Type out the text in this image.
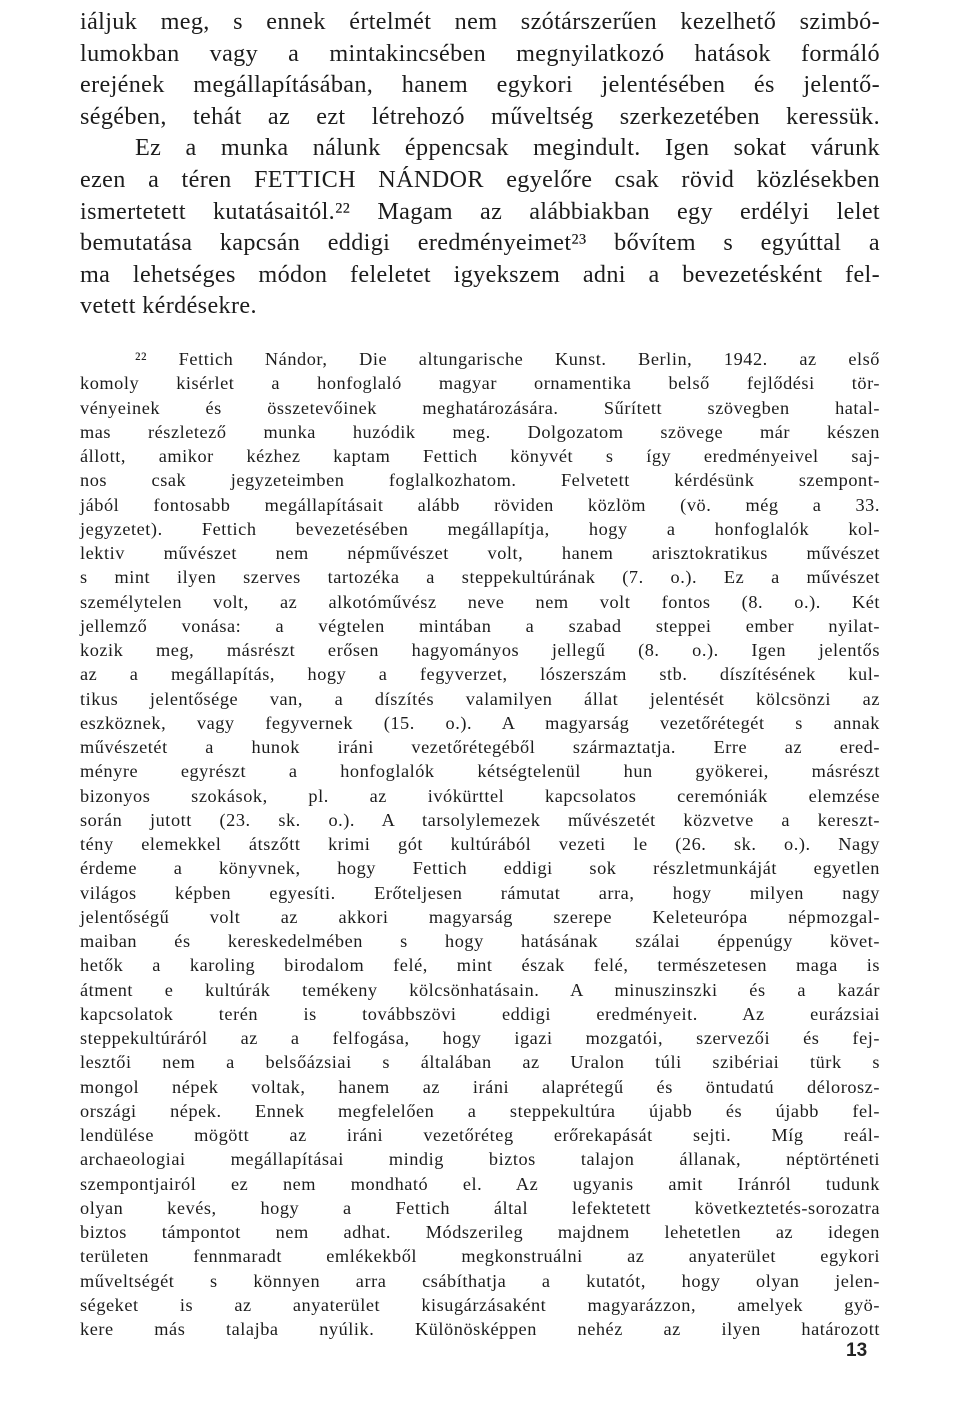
iáljuk meg, s ennek értelmét nem szótárszerűen kezelhető szimbó-
lumokban vagy a mintakincsében megnyilatkozó hatások formáló
erejének megállapításában, hanem egykori jelentésében és jelentő-
ségében, tehát az ezt létrehozó műveltség szerkezetében keressük.
Ez a munka nálunk éppencsak megindult. Igen sokat várunk
ezen a téren FETTICH NÁNDOR egyelőre csak rövid közlésekben
ismertetett kutatásaitól.²² Magam az alábbiakban egy erdélyi lelet
bemutatása kapcsán eddigi eredményeimet²³ bővítem s egyúttal a
ma lehetséges módon feleletet igyekszem adni a bevezetésként fel-
vetett kérdésekre.
²² Fettich Nándor, Die altungarische Kunst. Berlin, 1942. az első
komoly kisérlet a honfoglaló magyar ornamentika belső fejlődési tör-
vényeinek és összetevőinek meghatározására. Sűrített szövegben hatal-
mas részletező munka huzódik meg. Dolgozatom szövege már készen
állott, amikor kézhez kaptam Fettich könyvét s így eredményeivel saj-
nos csak jegyzeteimben foglalkozhatom. Felvetett kérdésünk szempont-
jából fontosabb megállapításait alább röviden közlöm (vö. még a 33.
jegyzetet). Fettich bevezetésében megállapítja, hogy a honfoglalók kol-
lektiv művészet nem népművészet volt, hanem arisztokratikus művészet
s mint ilyen szerves tartozéka a steppekultúrának (7. o.). Ez a művészet
személytelen volt, az alkotóművész neve nem volt fontos (8. o.). Két
jellemző vonása: a végtelen mintában a szabad steppei ember nyilat-
kozik meg, másrészt erősen hagyományos jellegű (8. o.). Igen jelentős
az a megállapítás, hogy a fegyverzet, lószerszám stb. díszítésének kul-
tikus jelentősége van, a díszítés valamilyen állat jelentését kölcsönzi az
eszköznek, vagy fegyvernek (15. o.). A magyarság vezetőrétegét s annak
művészetét a hunok iráni vezetőrétegéből származtatja. Erre az ered-
ményre egyrészt a honfoglalók kétségtelenül hun gyökerei, másrészt
bizonyos szokások, pl. az ivókürttel kapcsolatos ceremóniák elemzése
során jutott (23. sk. o.). A tarsolylemezek művészetét közvetve a kereszt-
tény elemekkel átszőtt krimi gót kultúrából vezeti le (26. sk. o.). Nagy
érdeme a könyvnek, hogy Fettich eddigi sok részletmunkáját egyetlen
világos képben egyesíti. Erőteljesen rámutat arra, hogy milyen nagy
jelentőségű volt az akkori magyarság szerepe Keleteurópa népmozgal-
maiban és kereskedelmében s hogy hatásának szálai éppenúgy követ-
hetők a karoling birodalom felé, mint észak felé, természetesen maga is
átment e kultúrák temékeny kölcsönhatásain. A minuszinszki és a kazár
kapcsolatok terén is továbbszövi eddigi eredményeit. Az eurázsiai
steppekultúráról az a felfogása, hogy igazi mozgatói, szervezői és fej-
lesztői nem a belsőázsiai s általában az Uralon túli szibériai türk s
mongol népek voltak, hanem az iráni alaprétegű és öntudatú délorosz-
országi népek. Ennek megfelelően a steppekultúra újabb és újabb fel-
lendülése mögött az iráni vezetőréteg erőrekapását sejti. Míg reál-
archaeologiai megállapításai mindig biztos talajon állanak, néptörténeti
szempontjairól ez nem mondható el. Az ugyanis amit Iránról tudunk
olyan kevés, hogy a Fettich által lefektetett következtetés-sorozatra
biztos támpontot nem adhat. Módszerileg majdnem lehetetlen az idegen
területen fennmaradt emlékekből megkonstruálni az anyaterület egykori
műveltségét s könnyen arra csábíthatja a kutatót, hogy olyan jelen-
ségeket is az anyaterület kisugárzásaként magyarázzon, amelyek gyö-
kere más talajba nyúlik. Különösképpen nehéz az ilyen határozott
13
